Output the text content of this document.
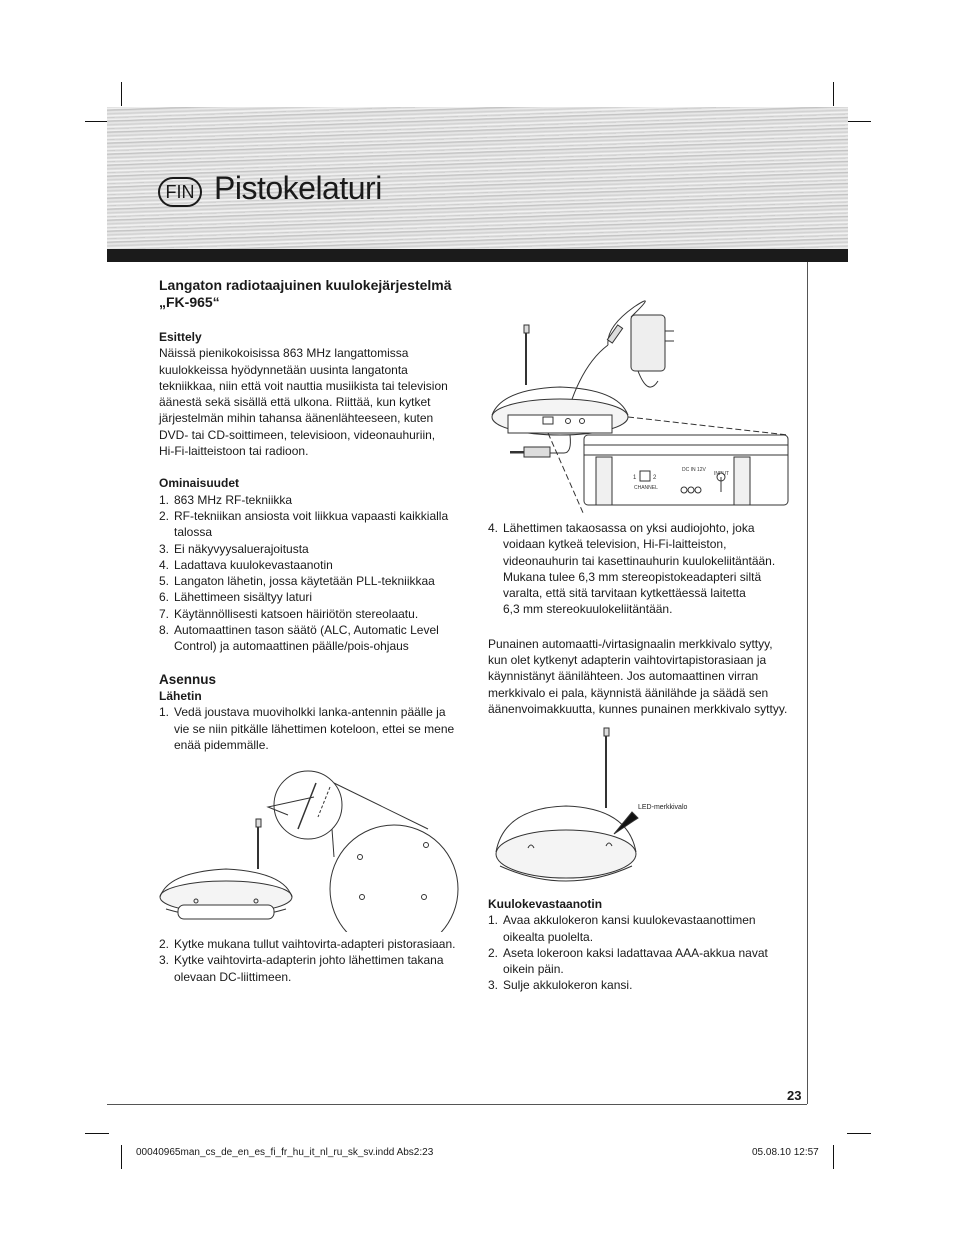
FIN Pistokelaturi

Langaton radiotaajuinen kuulokejärjestelmä

„FK-965“

Esittely

Näissä pienikokoisissa 863 MHz langattomissa

kuulokkeissa hyödynnetään uusinta langatonta

tekniikkaa, niin että voit nauttia musiikista tai television

äänestä sekä sisällä että ulkona. Riittää, kun kytket

järjestelmän mihin tahansa äänenlähteeseen, kuten

DVD- tai CD-soittimeen, televisioon, videonauhuriin,

Hi-Fi-laitteistoon tai radioon.

Ominaisuudet

1. 863 MHz RF-tekniikka
2. RF-tekniikan ansiosta voit liikkua vapaasti kaikkialla
talossa
3. Ei näkyvyysaluerajoitusta
4. Ladattava kuulokevastaanotin
5. Langaton lähetin, jossa käytetään PLL-tekniikkaa
6. Lähettimeen sisältyy laturi
7. Käytännöllisesti katsoen häiriötön stereolaatu.
8. Automaattinen tason säätö (ALC, Automatic Level
Control) ja automaattinen päälle/pois-ohjaus

Asennus

Lähetin

1. Vedä joustava muoviholkki lanka-antennin päälle ja
vie se niin pitkälle lähettimen koteloon, ettei se mene
enää pidemmälle.
2. Kytke mukana tullut vaihtovirta-adapteri pistorasiaan.
3. Kytke vaihtovirta-adapterin johto lähettimen takana
olevaan DC-liittimeen.
DC IN 12V
INPUT
CHANNEL
1	2
4. Lähettimen takaosassa on yksi audiojohto, joka
voidaan kytkeä television, Hi-Fi-laitteiston,
videonauhurin tai kasettinauhurin kuulokeliitäntään.
Mukana tulee 6,3 mm stereopistokeadapteri siltä
varalta, että sitä tarvitaan kytkettäessä laitetta
6,3 mm stereokuulokeliitäntään.

Punainen automaatti-/virtasignaalin merkkivalo syttyy,

kun olet kytkenyt adapterin vaihtovirtapistorasiaan ja

käynnistänyt äänilähteen. Jos automaattinen virran

merkkivalo ei pala, käynnistä äänilähde ja säädä sen

äänenvoimakkuutta, kunnes punainen merkkivalo syttyy.

LED-merkkivalo

Kuulokevastaanotin

1. Avaa akkulokeron kansi kuulokevastaanottimen
oikealta puolelta.
2. Aseta lokeroon kaksi ladattavaa AAA-akkua navat
oikein päin.
3. Sulje akkulokeron kansi.
23
00040965man_cs_de_en_es_fi_fr_hu_it_nl_ru_sk_sv.indd Abs2:23	05.08.10 12:57
